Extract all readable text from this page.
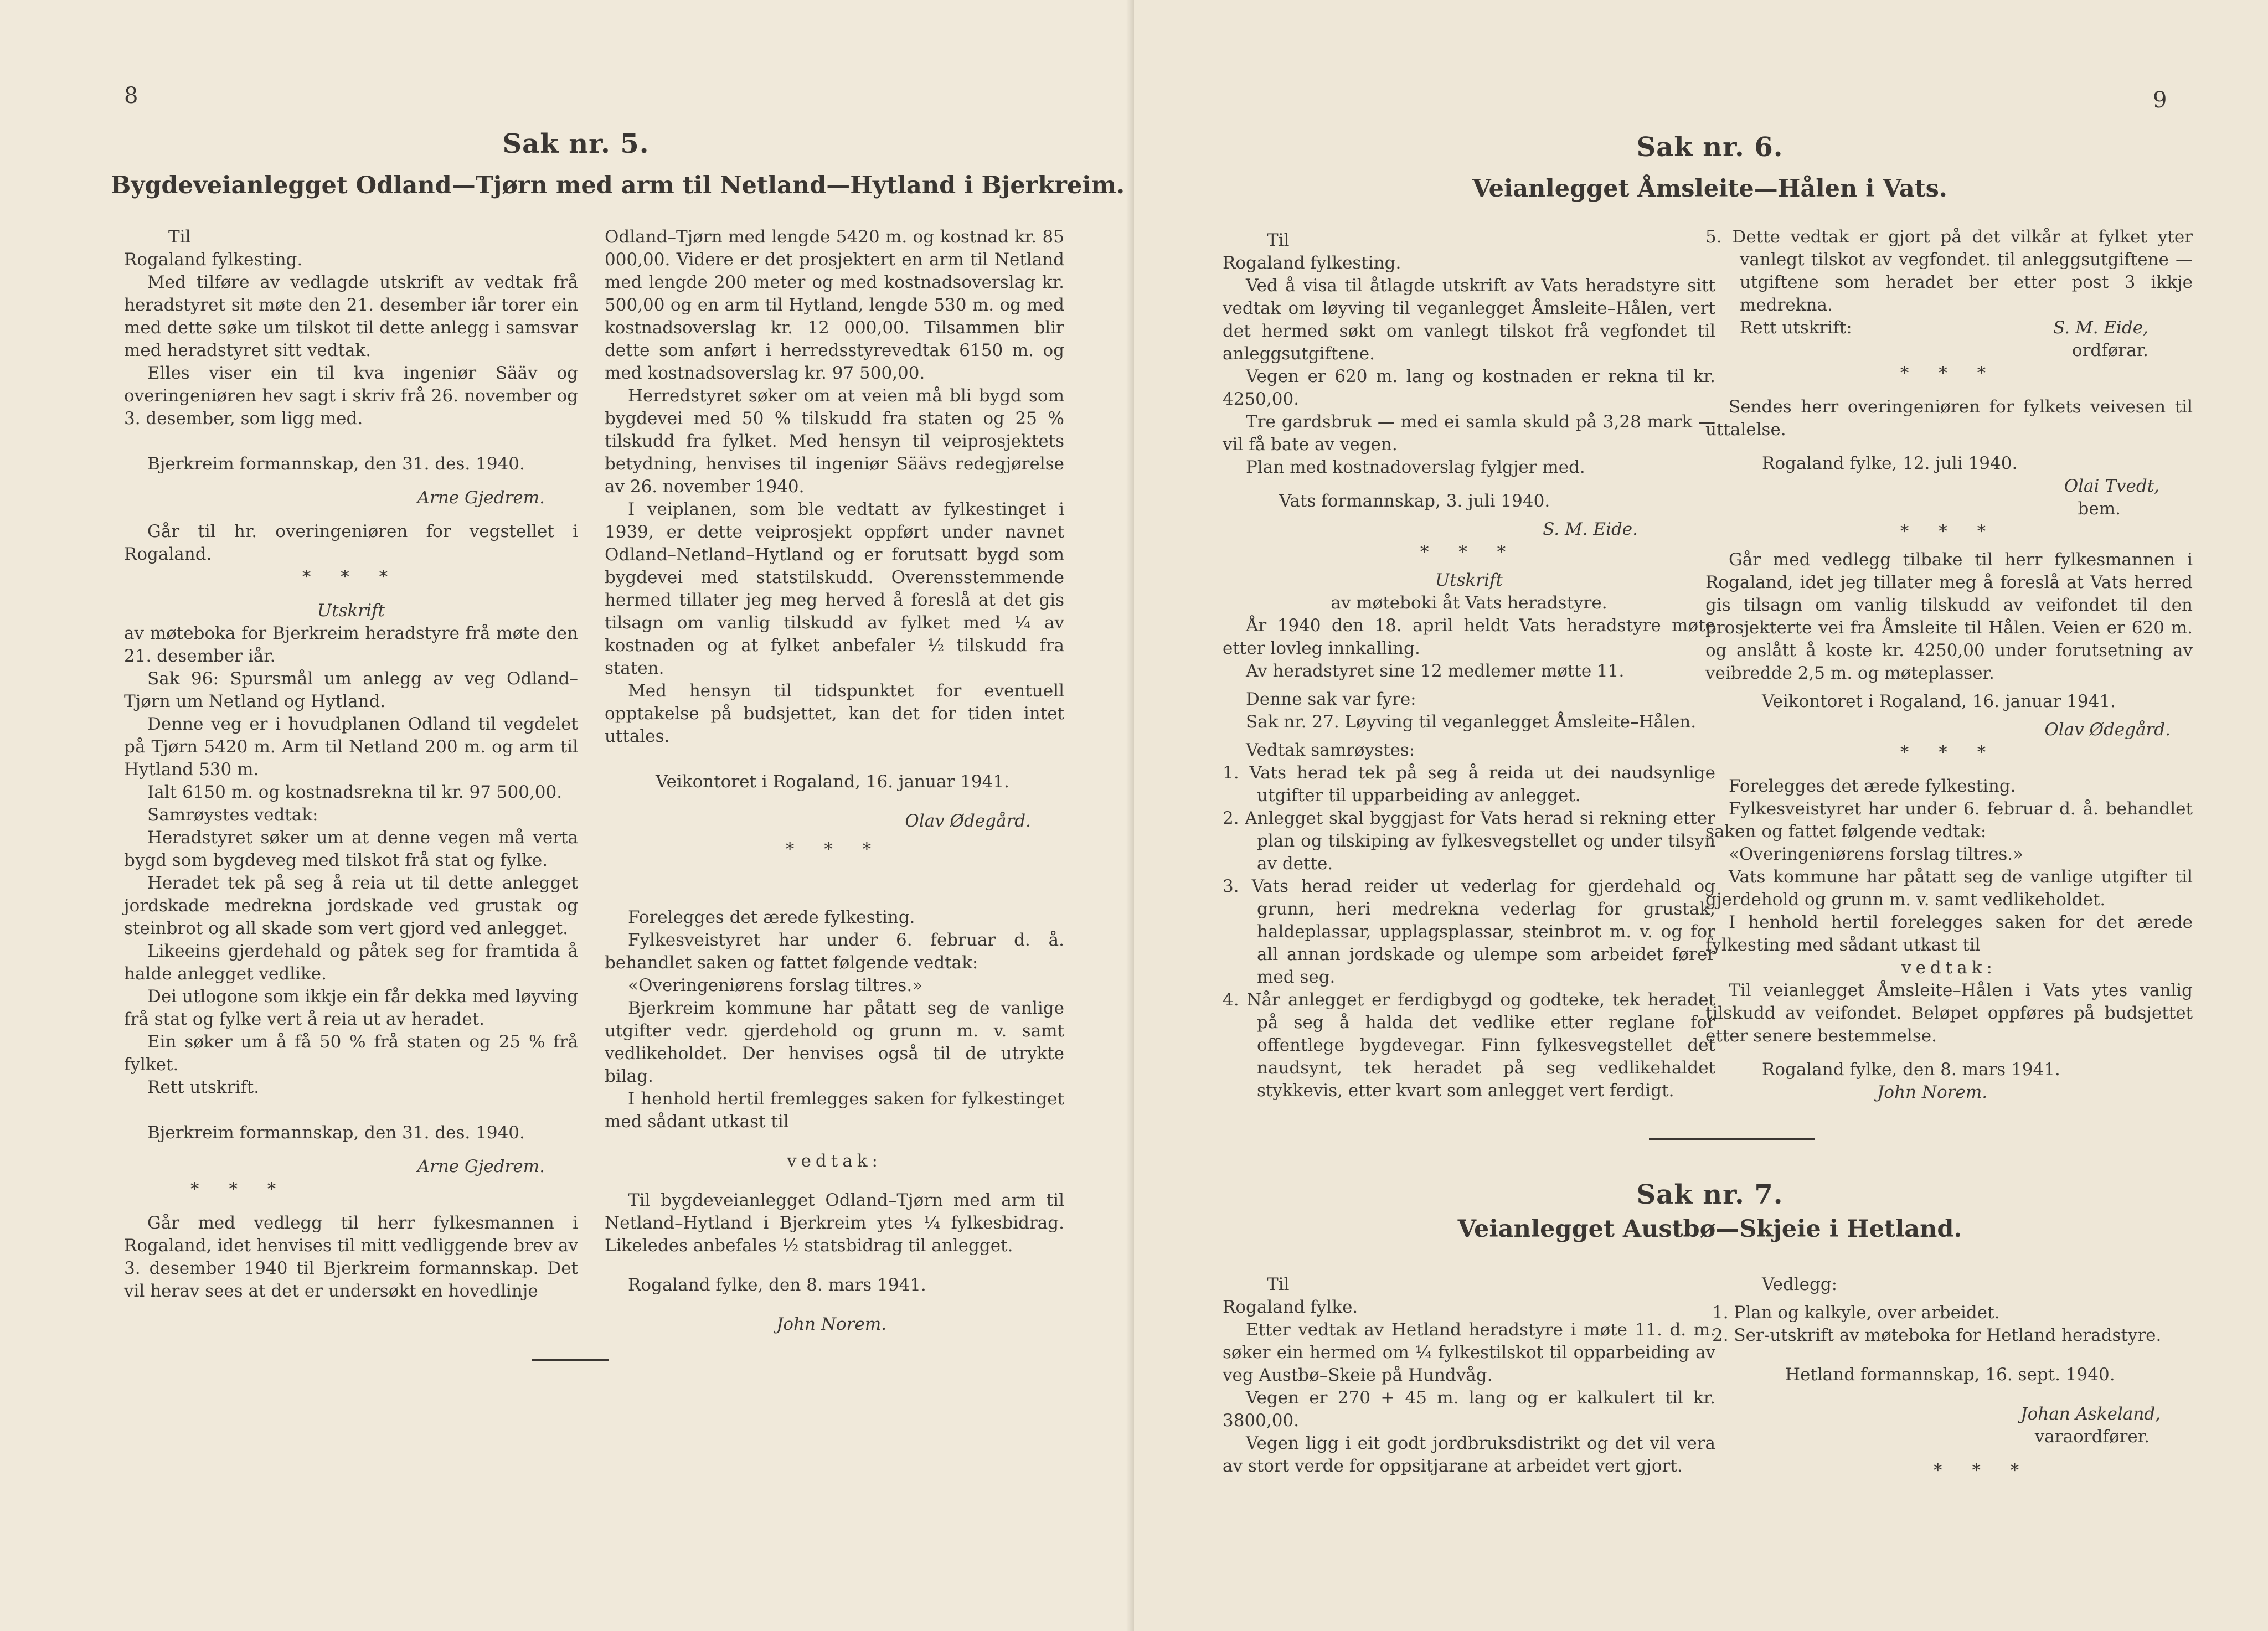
8
Sak nr. 5.
Bygdeveianlegget Odland—Tjørn med arm til Netland—Hytland i Bjerkreim.

Til

Rogaland fylkesting.

Med tilføre av vedlagde utskrift av vedtak frå heradstyret sit møte den 21. desember iår torer ein med dette søke um tilskot til dette anlegg i samsvar med heradstyret sitt vedtak.

Elles viser ein til kva ingeniør Sääv og overingeniøren hev sagt i skriv frå 26. november og 3. desember, som ligg med.

Bjerkreim formannskap, den 31. des. 1940.

Arne Gjedrem.

Går til hr. overingeniøren for vegstellet i Rogaland.

* * *

Utskrift

av møteboka for Bjerkreim heradstyre frå møte den 21. desember iår.

Sak 96: Spursmål um anlegg av veg Odland–Tjørn um Netland og Hytland.

Denne veg er i hovudplanen Odland til vegdelet på Tjørn 5420 m. Arm til Netland 200 m. og arm til Hytland 530 m.

Ialt 6150 m. og kostnadsrekna til kr. 97 500,00.

Samrøystes vedtak:

Heradstyret søker um at denne vegen må verta bygd som bygdeveg med tilskot frå stat og fylke.

Heradet tek på seg å reia ut til dette anlegget jordskade medrekna jordskade ved grustak og steinbrot og all skade som vert gjord ved anlegget.

Likeeins gjerdehald og påtek seg for framtida å halde anlegget vedlike.

Dei utlogone som ikkje ein får dekka med løyving frå stat og fylke vert å reia ut av heradet.

Ein søker um å få 50 % frå staten og 25 % frå fylket.

Rett utskrift.

Bjerkreim formannskap, den 31. des. 1940.

Arne Gjedrem.

* * *

Går med vedlegg til herr fylkesmannen i Rogaland, idet henvises til mitt vedliggende brev av 3. desember 1940 til Bjerkreim formannskap. Det vil herav sees at det er undersøkt en hovedlinje

Odland–Tjørn med lengde 5420 m. og kostnad kr. 85 000,00. Videre er det prosjektert en arm til Netland med lengde 200 meter og med kostnadsoverslag kr. 500,00 og en arm til Hytland, lengde 530 m. og med kostnadsoverslag kr. 12 000,00. Tilsammen blir dette som anført i herredsstyrevedtak 6150 m. og med kostnadsoverslag kr. 97 500,00.

Herredstyret søker om at veien må bli bygd som bygdevei med 50 % tilskudd fra staten og 25 % tilskudd fra fylket. Med hensyn til veiprosjektets betydning, henvises til ingeniør Säävs redegjørelse av 26. november 1940.

I veiplanen, som ble vedtatt av fylkestinget i 1939, er dette veiprosjekt oppført under navnet Odland–Netland–Hytland og er forutsatt bygd som bygdevei med statstilskudd. Overensstemmende hermed tillater jeg meg herved å foreslå at det gis tilsagn om vanlig tilskudd av fylket med ¼ av kostnaden og at fylket anbefaler ½ tilskudd fra staten.

Med hensyn til tidspunktet for eventuell opptakelse på budsjettet, kan det for tiden intet uttales.

Veikontoret i Rogaland, 16. januar 1941.

Olav Ødegård.

* * *

Forelegges det ærede fylkesting.

Fylkesveistyret har under 6. februar d. å. behandlet saken og fattet følgende vedtak:

«Overingeniørens forslag tiltres.»

Bjerkreim kommune har påtatt seg de vanlige utgifter vedr. gjerdehold og grunn m. v. samt vedlikeholdet. Der henvises også til de utrykte bilag.

I henhold hertil fremlegges saken for fylkestinget med sådant utkast til

vedtak:

Til bygdeveianlegget Odland–Tjørn med arm til Netland–Hytland i Bjerkreim ytes ¼ fylkesbidrag. Likeledes anbefales ½ statsbidrag til anlegget.

Rogaland fylke, den 8. mars 1941.

John Norem.

9
Sak nr. 6.
Veianlegget Åmsleite—Hålen i Vats.

Til

Rogaland fylkesting.

Ved å visa til åtlagde utskrift av Vats heradstyre sitt vedtak om løyving til veganlegget Åmsleite–Hålen, vert det hermed søkt om vanlegt tilskot frå vegfondet til anleggsutgiftene.

Vegen er 620 m. lang og kostnaden er rekna til kr. 4250,00.

Tre gardsbruk — med ei samla skuld på 3,28 mark — vil få bate av vegen.

Plan med kostnadoverslag fylgjer med.

Vats formannskap, 3. juli 1940.

S. M. Eide.

* * *

Utskrift

av møteboki åt Vats heradstyre.

År 1940 den 18. april heldt Vats heradstyre møte etter lovleg innkalling.

Av heradstyret sine 12 medlemer møtte 11.

Denne sak var fyre:

Sak nr. 27. Løyving til veganlegget Åmsleite–Hålen.

Vedtak samrøystes:

1. Vats herad tek på seg å reida ut dei naudsynlige utgifter til upparbeiding av anlegget.

2. Anlegget skal byggjast for Vats herad si rekning etter plan og tilskiping av fylkesvegstellet og under tilsyn av dette.

3. Vats herad reider ut vederlag for gjerdehald og grunn, heri medrekna vederlag for grustak, haldeplassar, upplagsplassar, steinbrot m. v. og for all annan jordskade og ulempe som arbeidet fører med seg.

4. Når anlegget er ferdigbygd og godteke, tek heradet på seg å halda det vedlike etter reglane for offentlege bygdevegar. Finn fylkesvegstellet det naudsynt, tek heradet på seg vedlikehaldet stykkevis, etter kvart som anlegget vert ferdigt.

5. Dette vedtak er gjort på det vilkår at fylket yter vanlegt tilskot av vegfondet. til anleggsutgiftene — utgiftene som heradet ber etter post 3 ikkje medrekna.

Rett utskrift:	S. M. Eide,

ordførar.

* * *

Sendes herr overingeniøren for fylkets veivesen til uttalelse.

Rogaland fylke, 12. juli 1940.

Olai Tvedt,

bem.

* * *

Går med vedlegg tilbake til herr fylkesmannen i Rogaland, idet jeg tillater meg å foreslå at Vats herred gis tilsagn om vanlig tilskudd av veifondet til den prosjekterte vei fra Åmsleite til Hålen. Veien er 620 m. og anslått å koste kr. 4250,00 under forutsetning av veibredde 2,5 m. og møteplasser.

Veikontoret i Rogaland, 16. januar 1941.

Olav Ødegård.

* * *

Forelegges det ærede fylkesting.

Fylkesveistyret har under 6. februar d. å. behandlet saken og fattet følgende vedtak:

«Overingeniørens forslag tiltres.»

Vats kommune har påtatt seg de vanlige utgifter til gjerdehold og grunn m. v. samt vedlikeholdet.

I henhold hertil forelegges saken for det ærede fylkesting med sådant utkast til

vedtak:

Til veianlegget Åmsleite–Hålen i Vats ytes vanlig tilskudd av veifondet. Beløpet oppføres på budsjettet etter senere bestemmelse.

Rogaland fylke, den 8. mars 1941.

John Norem.

Sak nr. 7.
Veianlegget Austbø—Skjeie i Hetland.

Til

Rogaland fylke.

Etter vedtak av Hetland heradstyre i møte 11. d. m. søker ein hermed om ¼ fylkestilskot til opparbeiding av veg Austbø–Skeie på Hundvåg.

Vegen er 270 + 45 m. lang og er kalkulert til kr. 3800,00.

Vegen ligg i eit godt jordbruksdistrikt og det vil vera av stort verde for oppsitjarane at arbeidet vert gjort.

Vedlegg:

1. Plan og kalkyle, over arbeidet.

2. Ser-utskrift av møteboka for Hetland heradstyre.

Hetland formannskap, 16. sept. 1940.

Johan Askeland,

varaordfører.

* * *
